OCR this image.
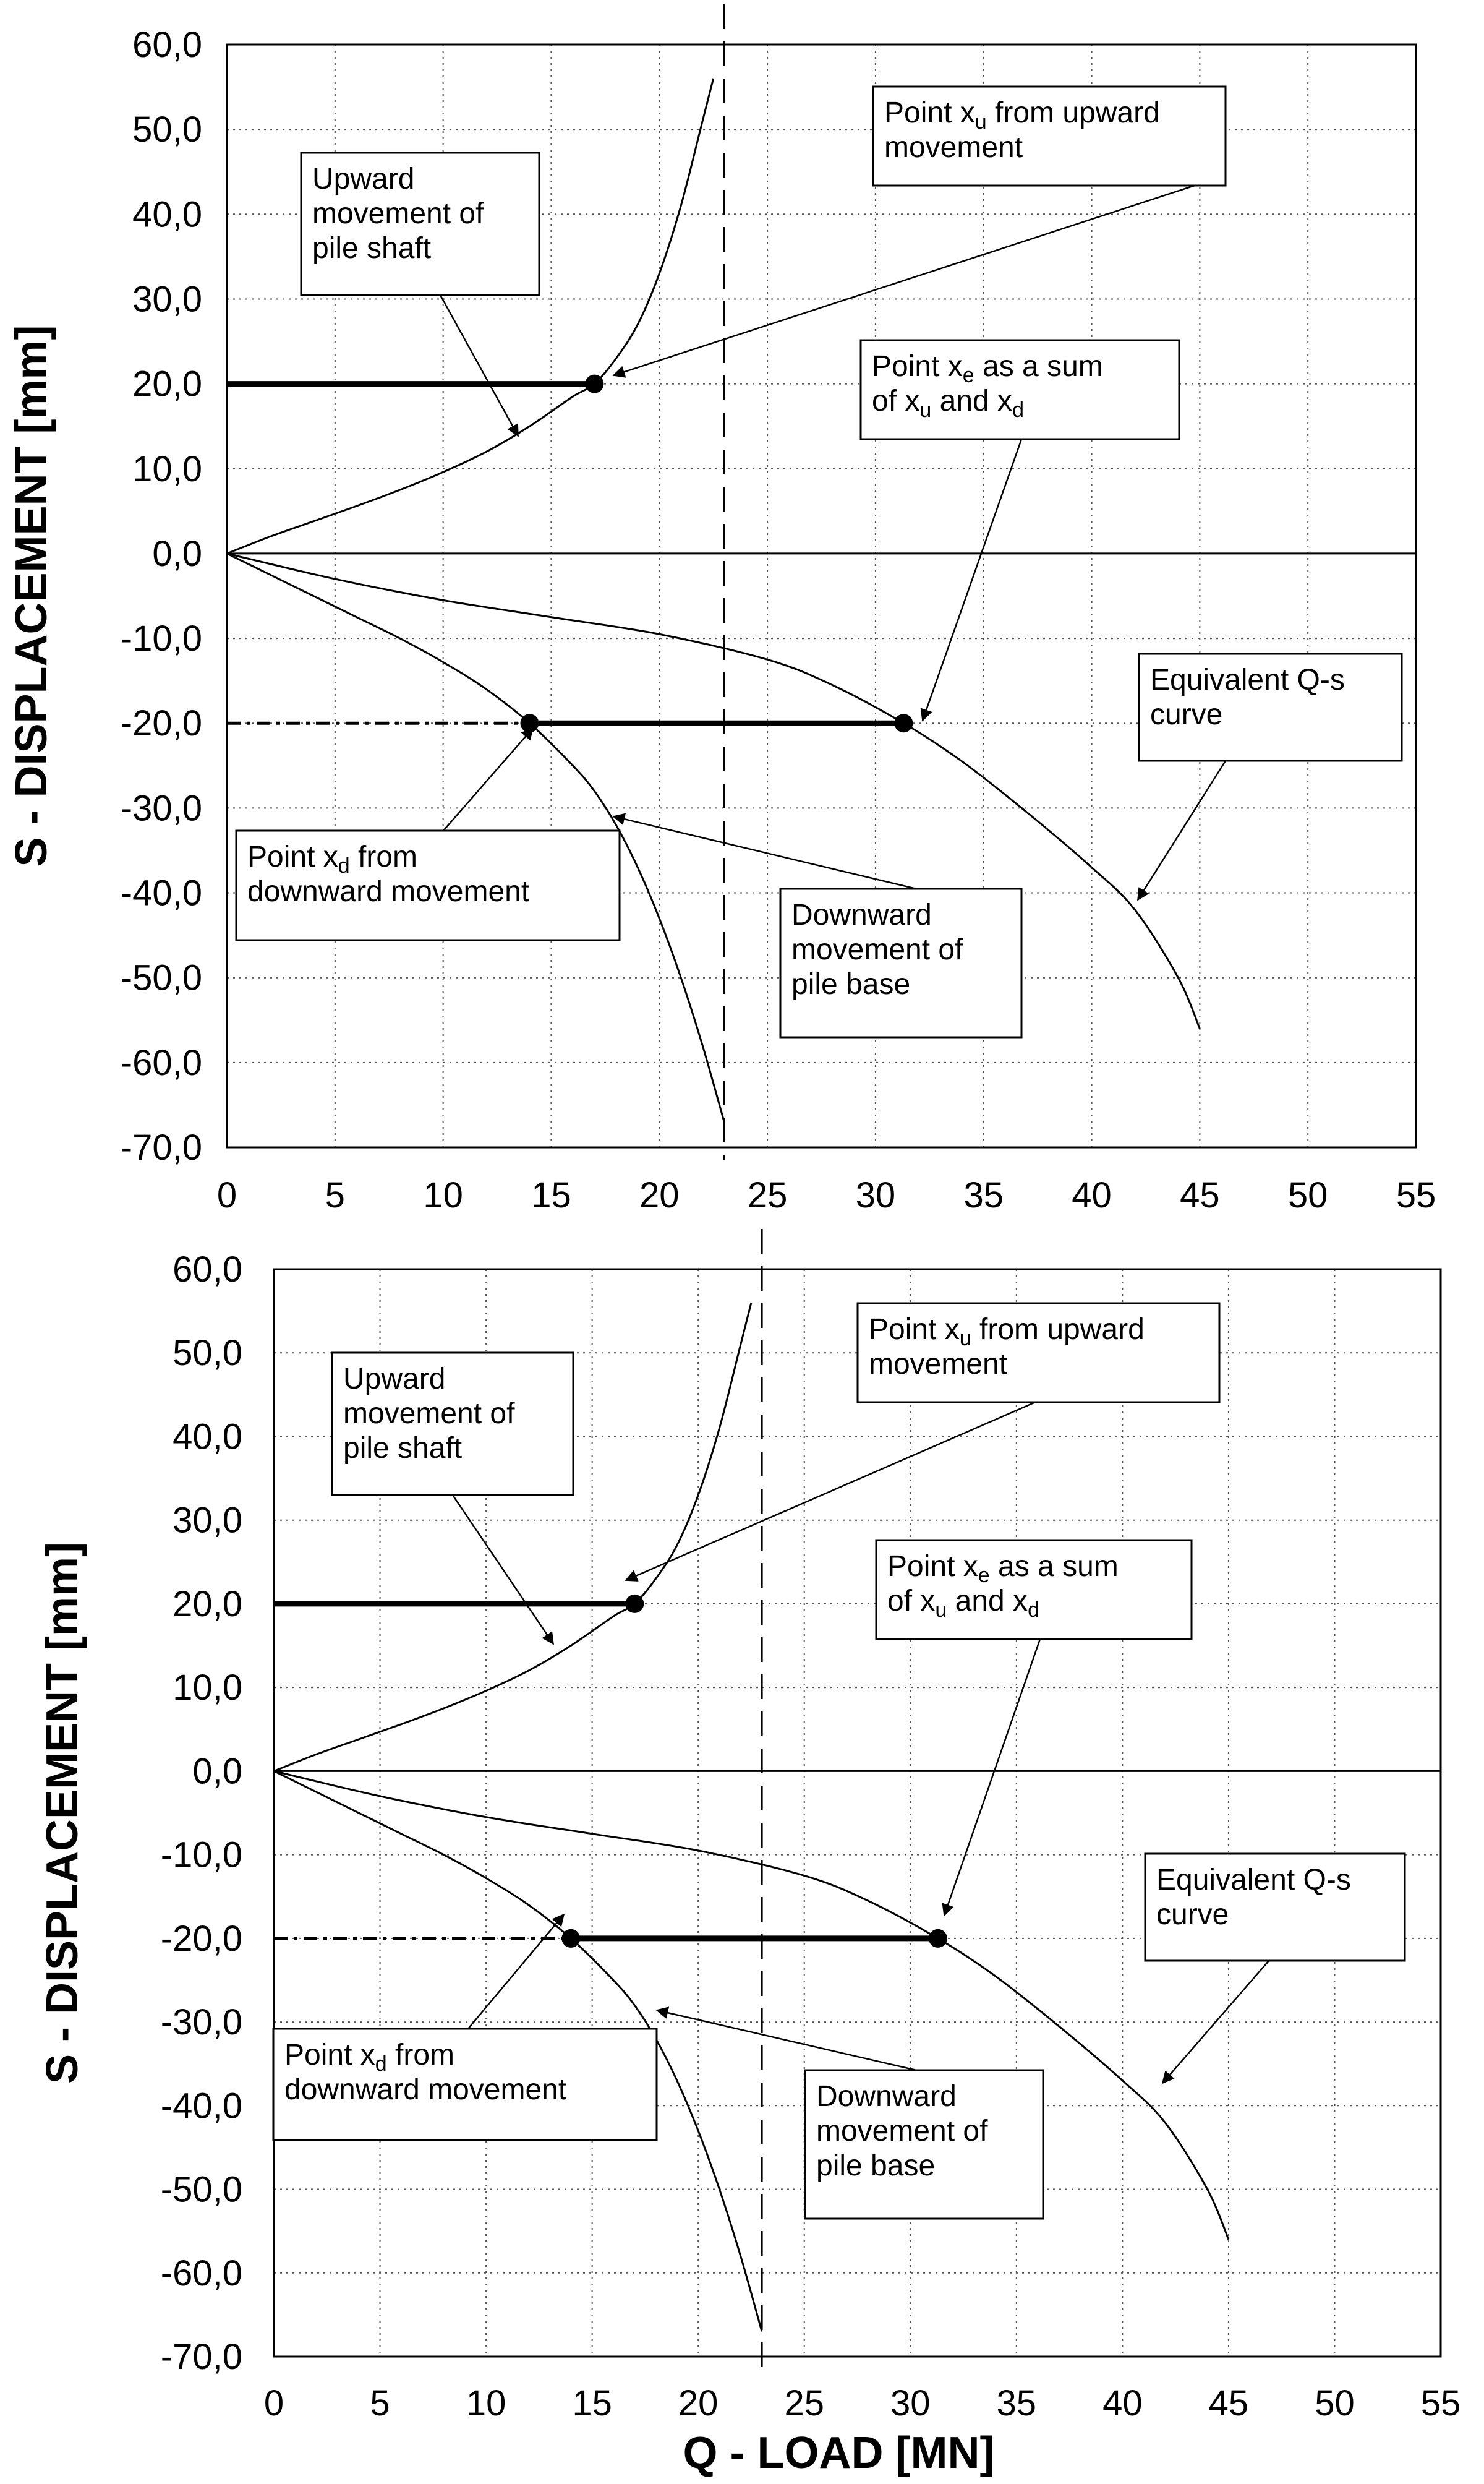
0 5 10 15 20 25 30 35 40 45 50 55
60,0
50,0
40,0
30,0
20,0
10,0
0,0
-10,0
-20,0
-30,0
-40,0
-50,0
-60,0
-70,0
S - DISPLACEMENT [mm]
Upward
movement of
pile shaft
Point $x_u$ from upward
movement
Point $x_e$ as a sum
of $x_u$ and $x_d$
Equivalent Q-s
curve
Point $x_d$ from
downward movement
Downward
movement of
pile base
0 5 10 15 20 25 30 35 40 45 50 55
60,0
50,0
40,0
30,0
20,0
10,0
0,0
-10,0
-20,0
-30,0
-40,0
-50,0
-60,0
-70,0
S - DISPLACEMENT [mm]
Q - LOAD [MN]
Upward
movement of
pile shaft
Point $x_u$ from upward
movement
Point $x_e$ as a sum
of $x_u$ and $x_d$
Equivalent Q-s
curve
Point $x_d$ from
downward movement	Downward
movement of
pile base
